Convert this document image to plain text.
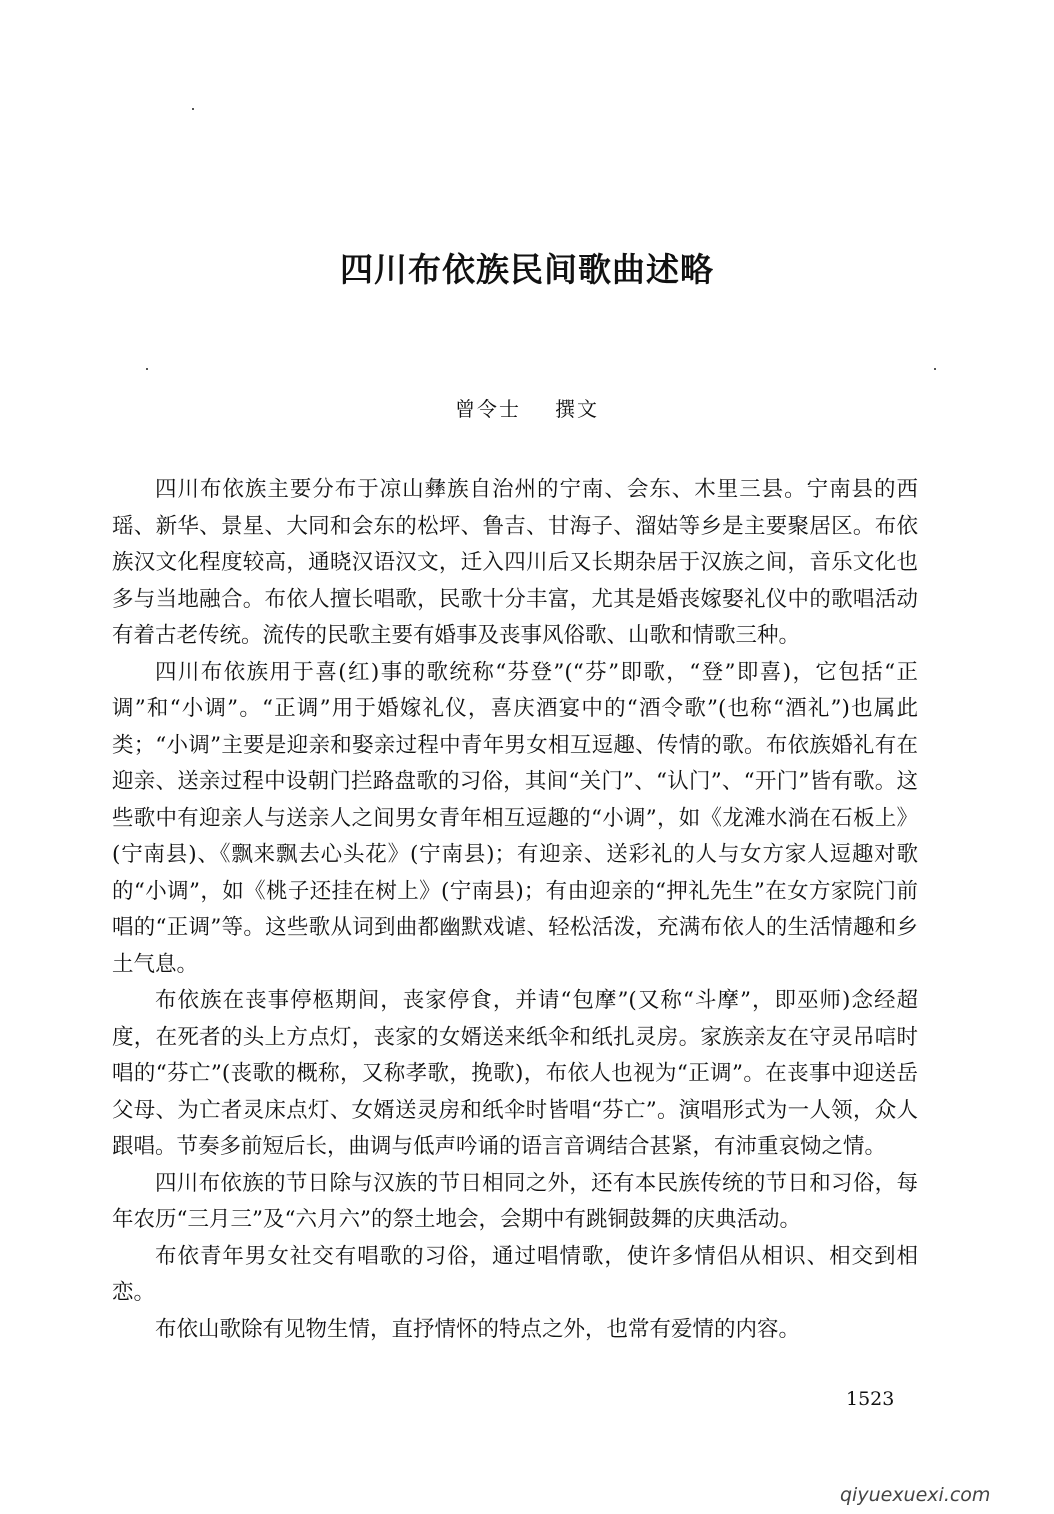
四川布依族民间歌曲述略
曾令士 撰文

四川布依族主要分布于凉山彝族自治州的宁南、会东、木里三县。宁南县的西瑶、新华、景星、大同和会东的松坪、鲁吉、甘海子、溜姑等乡是主要聚居区。布依族汉文化程度较高，通晓汉语汉文，迁入四川后又长期杂居于汉族之间，音乐文化也多与当地融合。布依人擅长唱歌，民歌十分丰富，尤其是婚丧嫁娶礼仪中的歌唱活动有着古老传统。流传的民歌主要有婚事及丧事风俗歌、山歌和情歌三种。

四川布依族用于喜(红)事的歌统称“芬登”(“芬”即歌，“登”即喜)，它包括“正调”和“小调”。“正调”用于婚嫁礼仪，喜庆酒宴中的“酒令歌”(也称“酒礼”)也属此类；“小调”主要是迎亲和娶亲过程中青年男女相互逗趣、传情的歌。布依族婚礼有在迎亲、送亲过程中设朝门拦路盘歌的习俗，其间“关门”、“认门”、“开门”皆有歌。这些歌中有迎亲人与送亲人之间男女青年相互逗趣的“小调”，如《龙滩水淌在石板上》(宁南县)、《飘来飘去心头花》(宁南县)；有迎亲、送彩礼的人与女方家人逗趣对歌的“小调”，如《桃子还挂在树上》(宁南县)；有由迎亲的“押礼先生”在女方家院门前唱的“正调”等。这些歌从词到曲都幽默戏谑、轻松活泼，充满布依人的生活情趣和乡土气息。

布依族在丧事停柩期间，丧家停食，并请“包摩”(又称“斗摩”，即巫师)念经超度，在死者的头上方点灯，丧家的女婿送来纸伞和纸扎灵房。家族亲友在守灵吊唁时唱的“芬亡”(丧歌的概称，又称孝歌，挽歌)，布依人也视为“正调”。在丧事中迎送岳父母、为亡者灵床点灯、女婿送灵房和纸伞时皆唱“芬亡”。演唱形式为一人领，众人跟唱。节奏多前短后长，曲调与低声吟诵的语言音调结合甚紧，有沛重哀恸之情。

四川布依族的节日除与汉族的节日相同之外，还有本民族传统的节日和习俗，每年农历“三月三”及“六月六”的祭土地会，会期中有跳铜鼓舞的庆典活动。

布依青年男女社交有唱歌的习俗，通过唱情歌，使许多情侣从相识、相交到相恋。

布依山歌除有见物生情，直抒情怀的特点之外，也常有爱情的内容。

1523
qiyuexuexi.com
